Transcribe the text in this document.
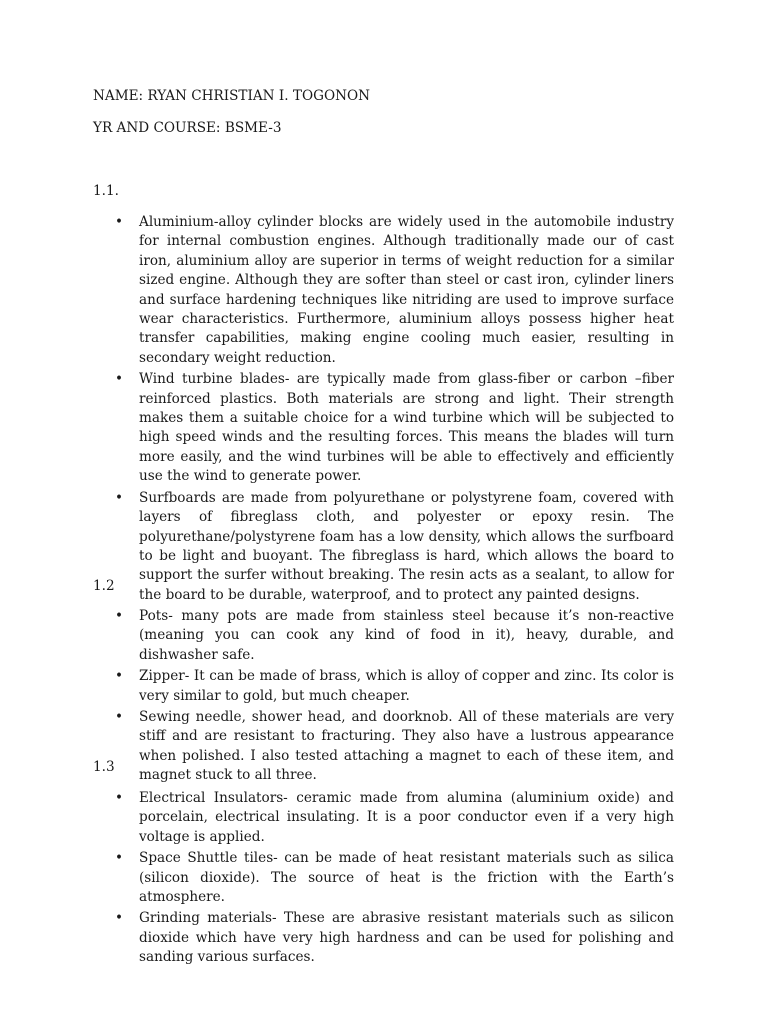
NAME: RYAN CHRISTIAN I. TOGONON
YR AND COURSE: BSME-3
1.1.
• Aluminium-alloy cylinder blocks are widely used in the automobile industry for internal combustion engines. Although traditionally made our of cast iron, aluminium alloy are superior in terms of weight reduction for a similar sized engine. Although they are softer than steel or cast iron, cylinder liners and surface hardening techniques like nitriding are used to improve surface wear characteristics. Furthermore, aluminium alloys possess higher heat transfer capabilities, making engine cooling much easier, resulting in secondary weight reduction.
• Wind turbine blades- are typically made from glass-fiber or carbon –fiber reinforced plastics. Both materials are strong and light. Their strength makes them a suitable choice for a wind turbine which will be subjected to high speed winds and the resulting forces. This means the blades will turn more easily, and the wind turbines will be able to effectively and efficiently use the wind to generate power.
• Surfboards are made from polyurethane or polystyrene foam, covered with layers of fibreglass cloth, and polyester or epoxy resin. The polyurethane/polystyrene foam has a low density, which allows the surfboard to be light and buoyant. The fibreglass is hard, which allows the board to support the surfer without breaking. The resin acts as a sealant, to allow for the board to be durable, waterproof, and to protect any painted designs.
1.2
• Pots- many pots are made from stainless steel because it’s non-reactive (meaning you can cook any kind of food in it), heavy, durable, and dishwasher safe.
• Zipper- It can be made of brass, which is alloy of copper and zinc. Its color is very similar to gold, but much cheaper.
• Sewing needle, shower head, and doorknob. All of these materials are very stiff and are resistant to fracturing. They also have a lustrous appearance when polished. I also tested attaching a magnet to each of these item, and magnet stuck to all three.
1.3
• Electrical Insulators- ceramic made from alumina (aluminium oxide) and porcelain, electrical insulating. It is a poor conductor even if a very high voltage is applied.
• Space Shuttle tiles- can be made of heat resistant materials such as silica (silicon dioxide). The source of heat is the friction with the Earth’s atmosphere.
• Grinding materials- These are abrasive resistant materials such as silicon dioxide which have very high hardness and can be used for polishing and sanding various surfaces.
